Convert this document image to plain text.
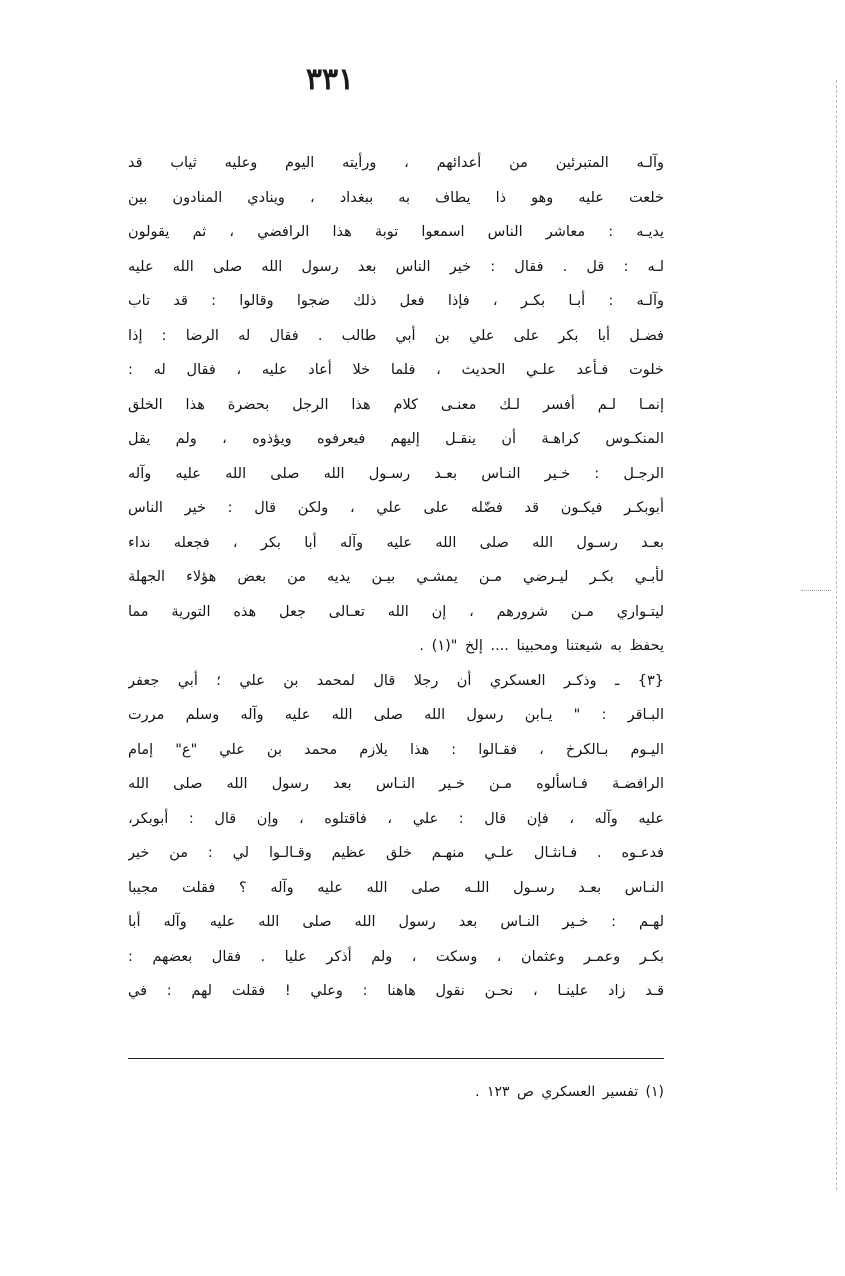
٣٣١
وآلـه المتبرئين من أعدائهم ، ورأيته اليوم وعليه ثياب قد
خلعت عليه وهو ذا يطاف به ببغداد ، وينادي المنادون بين
يديـه : معاشر الناس اسمعوا توبة هذا الرافضي ، ثم يقولون
لـه : قل . فقال : خير الناس بعد رسول الله صلى الله عليه
وآلـه : أبـا بكـر ، فإذا فعل ذلك ضجوا وقالوا : قد تاب
فضـل أبا بكر على علي بن أبي طالب . فقال له الرضا : إذا
خلوت فـأعد علـي الحديث ، فلما خلا أعاد عليه ، فقال له :
إنمـا لـم أفسر لـك معنـى كلام هذا الرجل بحضرة هذا الخلق
المنكـوس كراهـة أن ينقـل إليهم فيعرفوه ويؤذوه ، ولم يقل
الرجـل : خـير النـاس بعـد رسـول الله صلى الله عليه وآله
أبوبكـر فيكـون قد فضّله على علي ، ولكن قال : خير الناس
بعـد رسـول الله صلى الله عليه وآله أبا بكر ، فجعله نداء
لأبـي بكـر ليـرضي مـن يمشـي بيـن يديه من بعض هؤلاء الجهلة
ليتـواري مـن شرورهم ، إن الله تعـالى جعل هذه التورية مما
يحفظ به شيعتنا ومحبينا .... إلخ "(١) .
{٣} ـ وذكـر العسكري أن رجلا قال لمحمد بن علي ؛ أبي جعفر
البـاقر : " يـابن رسول الله صلى الله عليه وآله وسلم مررت
اليـوم بـالكرخ ، فقـالوا : هذا يلازم محمد بن علي "ع" إمام
الرافضـة فـاسألوه مـن خـير النـاس بعد رسول الله صلى الله
عليه وآله ، فإن قال : علي ، فاقتلوه ، وإن قال : أبوبكر،
فدعـوه . فـانثـال علـي منهـم خلق عظيم وقـالـوا لي : من خير
النـاس بعـد رسـول اللـه صلى الله عليه وآله ؟ فقلت مجيبا
لهـم : خـير النـاس بعد رسول الله صلى الله عليه وآله أبا
بكـر وعمـر وعثمان ، وسكت ، ولم أذكر عليا . فقال بعضهم :
قـد زاد علينـا ، نحـن نقول هاهنا : وعلي ! فقلت لهم : في
(١) تفسير العسكري ص ١٢٣ .
